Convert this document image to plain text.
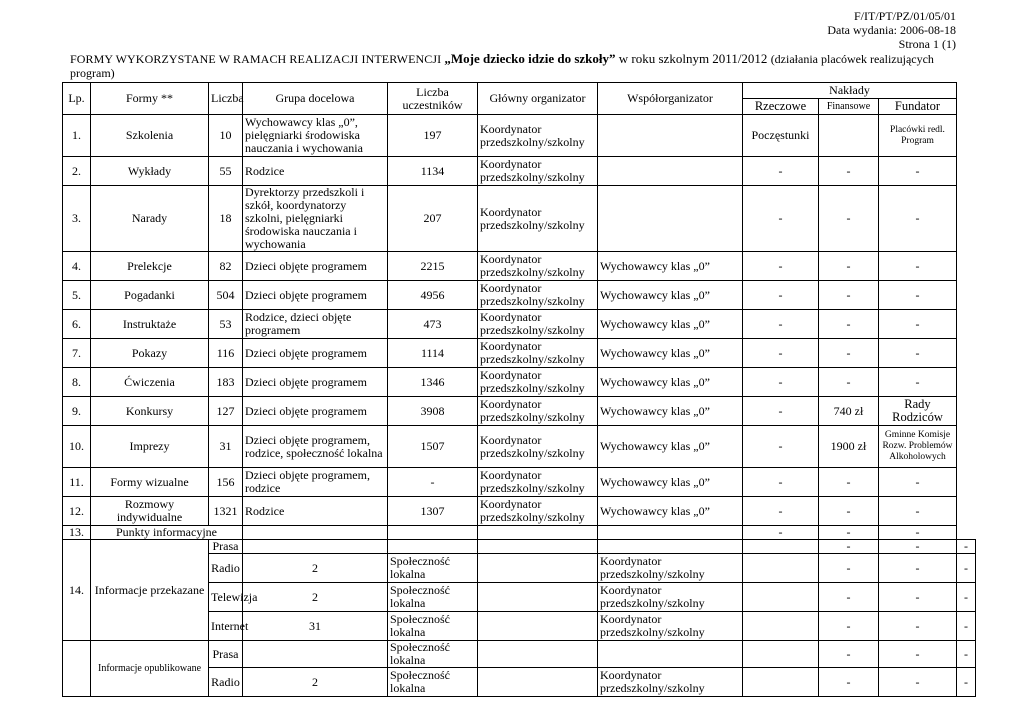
F/IT/PT/PZ/01/05/01
Data wydania: 2006-08-18
Strona 1 (1)
FORMY WYKORZYSTANE W RAMACH REALIZACJI INTERWENCJI „Moje dziecko idzie do szkoły” w roku szkolnym 2011/2012 (działania placówek realizujących program)
Lp.	Formy **	Liczba	Grupa docelowa	Liczba uczestników	Główny organizator	Współorganizator	Nakłady			
							Rzeczowe	Finansowe	Fundator	
1.	Szkolenia	10	Wychowawcy klas „0”, pielęgniarki środowiska nauczania i wychowania	197	Koordynator przedszkolny/szkolny		Poczęstunki		Placówki redl. Program	
2.	Wykłady	55	Rodzice	1134	Koordynator przedszkolny/szkolny		-	-	-	
3.	Narady	18	Dyrektorzy przedszkoli i szkół, koordynatorzy szkolni, pielęgniarki środowiska nauczania i wychowania	207	Koordynator przedszkolny/szkolny		-	-	-	
4.	Prelekcje	82	Dzieci objęte programem	2215	Koordynator przedszkolny/szkolny	Wychowawcy klas „0”	-	-	-	
5.	Pogadanki	504	Dzieci objęte programem	4956	Koordynator przedszkolny/szkolny	Wychowawcy klas „0”	-	-	-	
6.	Instruktaże	53	Rodzice, dzieci objęte programem	473	Koordynator przedszkolny/szkolny	Wychowawcy klas „0”	-	-	-	
7.	Pokazy	116	Dzieci objęte programem	1114	Koordynator przedszkolny/szkolny	Wychowawcy klas „0”	-	-	-	
8.	Ćwiczenia	183	Dzieci objęte programem	1346	Koordynator przedszkolny/szkolny	Wychowawcy klas „0”	-	-	-	
9.	Konkursy	127	Dzieci objęte programem	3908	Koordynator przedszkolny/szkolny	Wychowawcy klas „0”	-	740 zł	Rady Rodziców	
10.	Imprezy	31	Dzieci objęte programem, rodzice, społeczność lokalna	1507	Koordynator przedszkolny/szkolny	Wychowawcy klas „0”	-	1900 zł	Gminne Komisje Rozw. Problemów Alkoholowych	
11.	Formy wizualne	156	Dzieci objęte programem, rodzice	-	Koordynator przedszkolny/szkolny	Wychowawcy klas „0”	-	-	-	
12.	Rozmowy indywidualne	1321	Rodzice	1307	Koordynator przedszkolny/szkolny	Wychowawcy klas „0”	-	-	-	
13.	Punkty informacyjne						-	-	-	
14.	Informacje przekazane	Prasa						-	-	-
		Radio	2	Społeczność lokalna		Koordynator przedszkolny/szkolny		-	-	-
		Telewizja	2	Społeczność lokalna		Koordynator przedszkolny/szkolny		-	-	-
		Internet	31	Społeczność lokalna		Koordynator przedszkolny/szkolny		-	-	-
	Informacje opublikowane	Prasa		Społeczność lokalna				-	-	-
		Radio	2	Społeczność lokalna		Koordynator przedszkolny/szkolny		-	-	-
